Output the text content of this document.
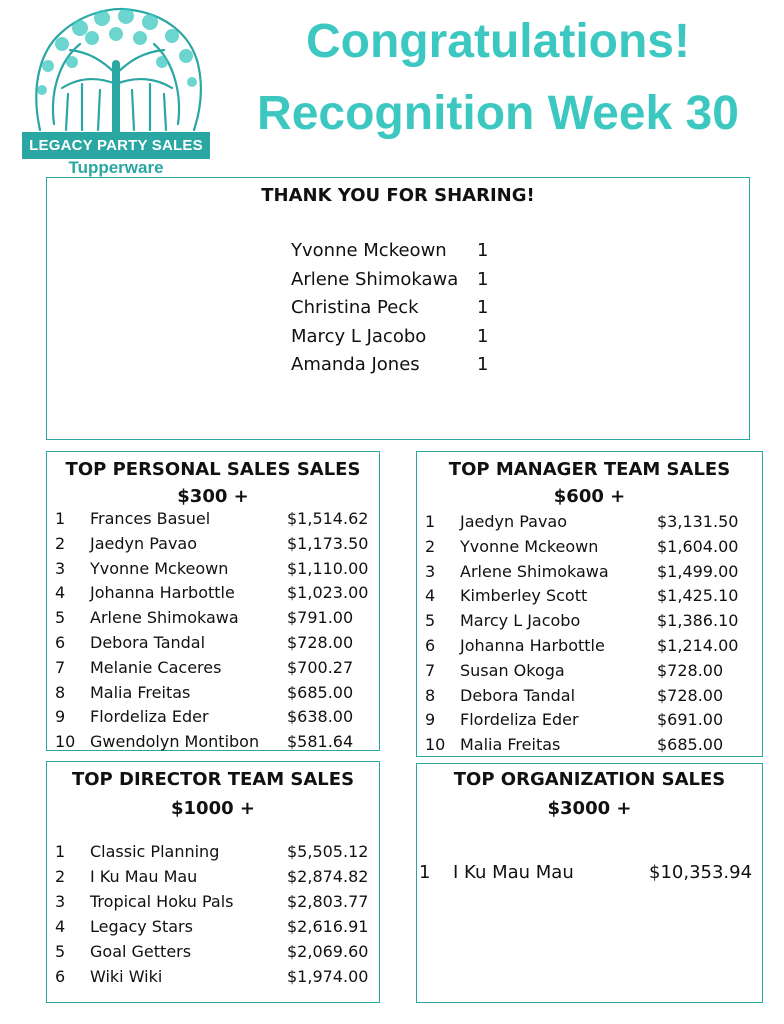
LEGACY PARTY SALES
Tupperware
Congratulations!
Recognition Week 30
THANK YOU FOR SHARING!
Yvonne Mckeown 1
Arlene Shimokawa 1
Christina Peck	1
Marcy L Jacobo	1
Amanda Jones	1
TOP PERSONAL SALES SALES
$300 +
1 Frances Basuel	$1,514.62
2 Jaedyn Pavao	$1,173.50
3 Yvonne Mckeown	$1,110.00
4 Johanna Harbottle	$1,023.00
5 Arlene Shimokawa	$791.00
6 Debora Tandal	$728.00
7 Melanie Caceres	$700.27
8 Malia Freitas	$685.00
9 Flordeliza Eder	$638.00
10 Gwendolyn Montibon $581.64
TOP MANAGER TEAM SALES
$600 +
1 Jaedyn Pavao	$3,131.50
2 Yvonne Mckeown	$1,604.00
3 Arlene Shimokawa	$1,499.00
4 Kimberley Scott	$1,425.10
5 Marcy L Jacobo	$1,386.10
6 Johanna Harbottle	$1,214.00
7 Susan Okoga	$728.00
8 Debora Tandal	$728.00
9 Flordeliza Eder	$691.00
10 Malia Freitas	$685.00
TOP DIRECTOR TEAM SALES
$1000 +
1 Classic Planning	$5,505.12
2 I Ku Mau Mau	$2,874.82
3 Tropical Hoku Pals	$2,803.77
4 Legacy Stars	$2,616.91
5 Goal Getters	$2,069.60
6 Wiki Wiki	$1,974.00
TOP ORGANIZATION SALES
$3000 +
1 I Ku Mau Mau	$10,353.94
